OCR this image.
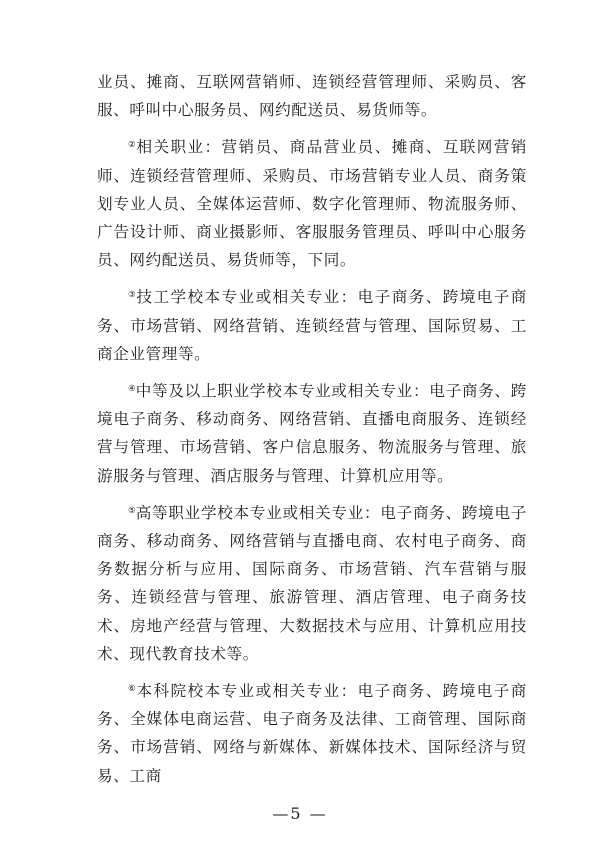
业员、摊商、互联网营销师、连锁经营管理师、采购员、客服、呼叫中心服务员、网约配送员、易货师等。

②相关职业：营销员、商品营业员、摊商、互联网营销师、连锁经营管理师、采购员、市场营销专业人员、商务策划专业人员、全媒体运营师、数字化管理师、物流服务师、广告设计师、商业摄影师、客服服务管理员、呼叫中心服务员、网约配送员、易货师等，下同。

③技工学校本专业或相关专业：电子商务、跨境电子商务、市场营销、网络营销、连锁经营与管理、国际贸易、工商企业管理等。

④中等及以上职业学校本专业或相关专业：电子商务、跨境电子商务、移动商务、网络营销、直播电商服务、连锁经营与管理、市场营销、客户信息服务、物流服务与管理、旅游服务与管理、酒店服务与管理、计算机应用等。

⑤高等职业学校本专业或相关专业：电子商务、跨境电子商务、移动商务、网络营销与直播电商、农村电子商务、商务数据分析与应用、国际商务、市场营销、汽车营销与服务、连锁经营与管理、旅游管理、酒店管理、电子商务技术、房地产经营与管理、大数据技术与应用、计算机应用技术、现代教育技术等。

⑥本科院校本专业或相关专业：电子商务、跨境电子商务、全媒体电商运营、电子商务及法律、工商管理、国际商务、市场营销、网络与新媒体、新媒体技术、国际经济与贸易、工商

—5 —
